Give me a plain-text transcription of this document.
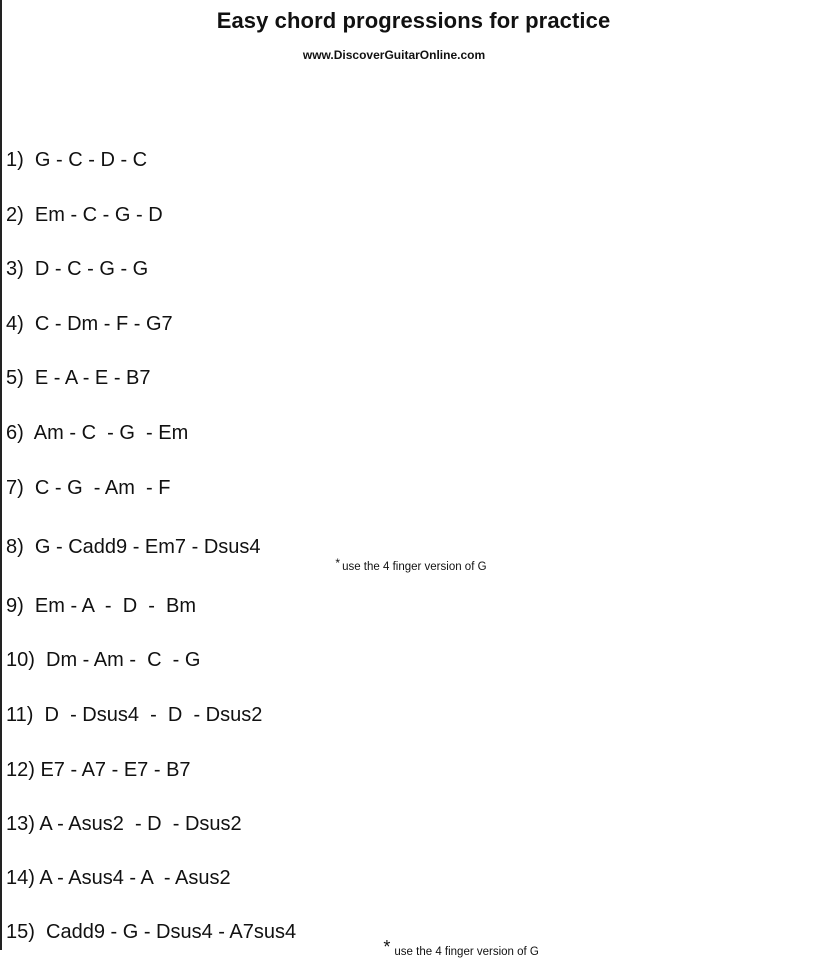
Easy chord progressions for practice
www.DiscoverGuitarOnline.com
1)  G - C - D - C
2)  Em - C - G - D
3)  D - C - G - G
4)  C - Dm - F - G7
5)  E - A - E - B7
6)  Am - C  - G  - Em
7)  C - G  - Am  - F
8)  G - Cadd9 - Em7 - Dsus4
9)  Em - A  -  D  -  Bm
10)  Dm - Am -  C  - G
11)  D  - Dsus4  -  D  - Dsus2
12) E7 - A7 - E7 - B7
13) A - Asus2  - D  - Dsus2
14) A - Asus4 - A  - Asus2
15)  Cadd9 - G - Dsus4 - A7sus4

* use the 4 finger version of G

* use the 4 finger version of G
